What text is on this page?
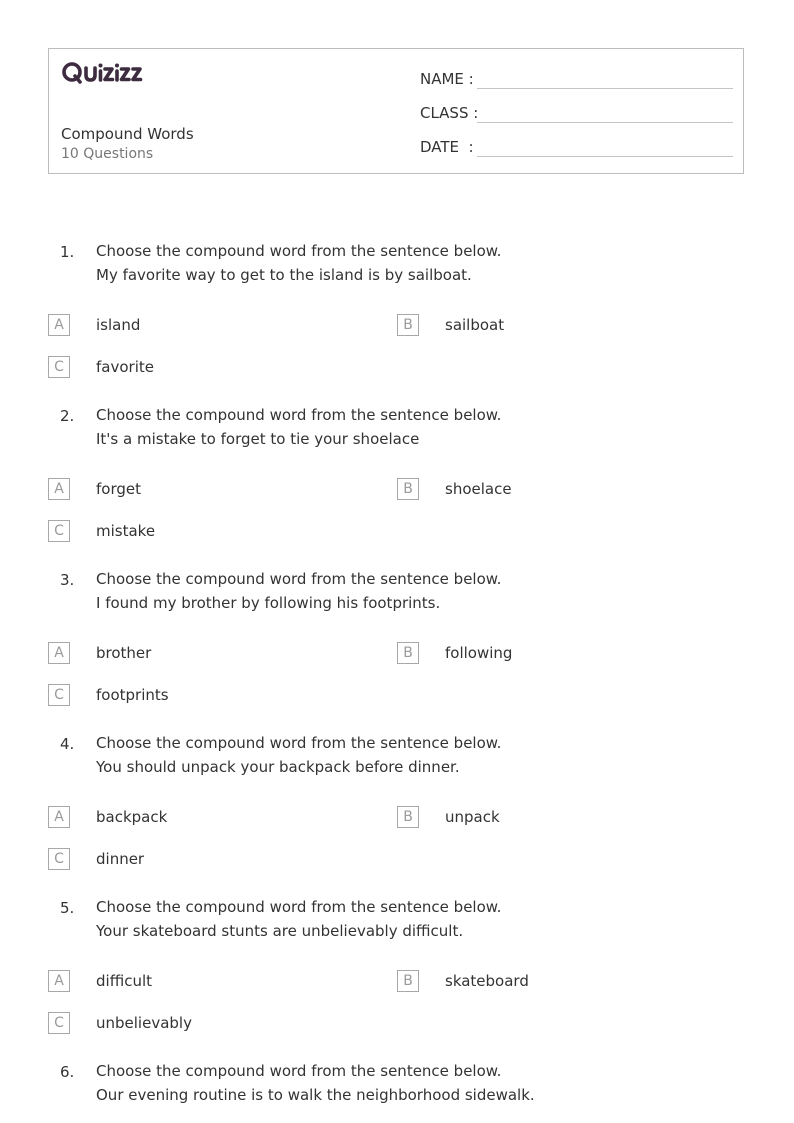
Compound Words
10 Questions
NAME :
CLASS :
DATE  :
1. Choose the compound word from the sentence below.
My favorite way to get to the island is by sailboat.
A	island	B	sailboat
C	favorite
2. Choose the compound word from the sentence below.
It's a mistake to forget to tie your shoelace
A	forget	B	shoelace
C	mistake
3. Choose the compound word from the sentence below.
I found my brother by following his footprints.
A	brother	B	following
C	footprints
4. Choose the compound word from the sentence below.
You should unpack your backpack before dinner.
A	backpack	B	unpack
C	dinner
5. Choose the compound word from the sentence below.
Your skateboard stunts are unbelievably difficult.
A	difficult	B	skateboard
C	unbelievably
6. Choose the compound word from the sentence below.
Our evening routine is to walk the neighborhood sidewalk.
